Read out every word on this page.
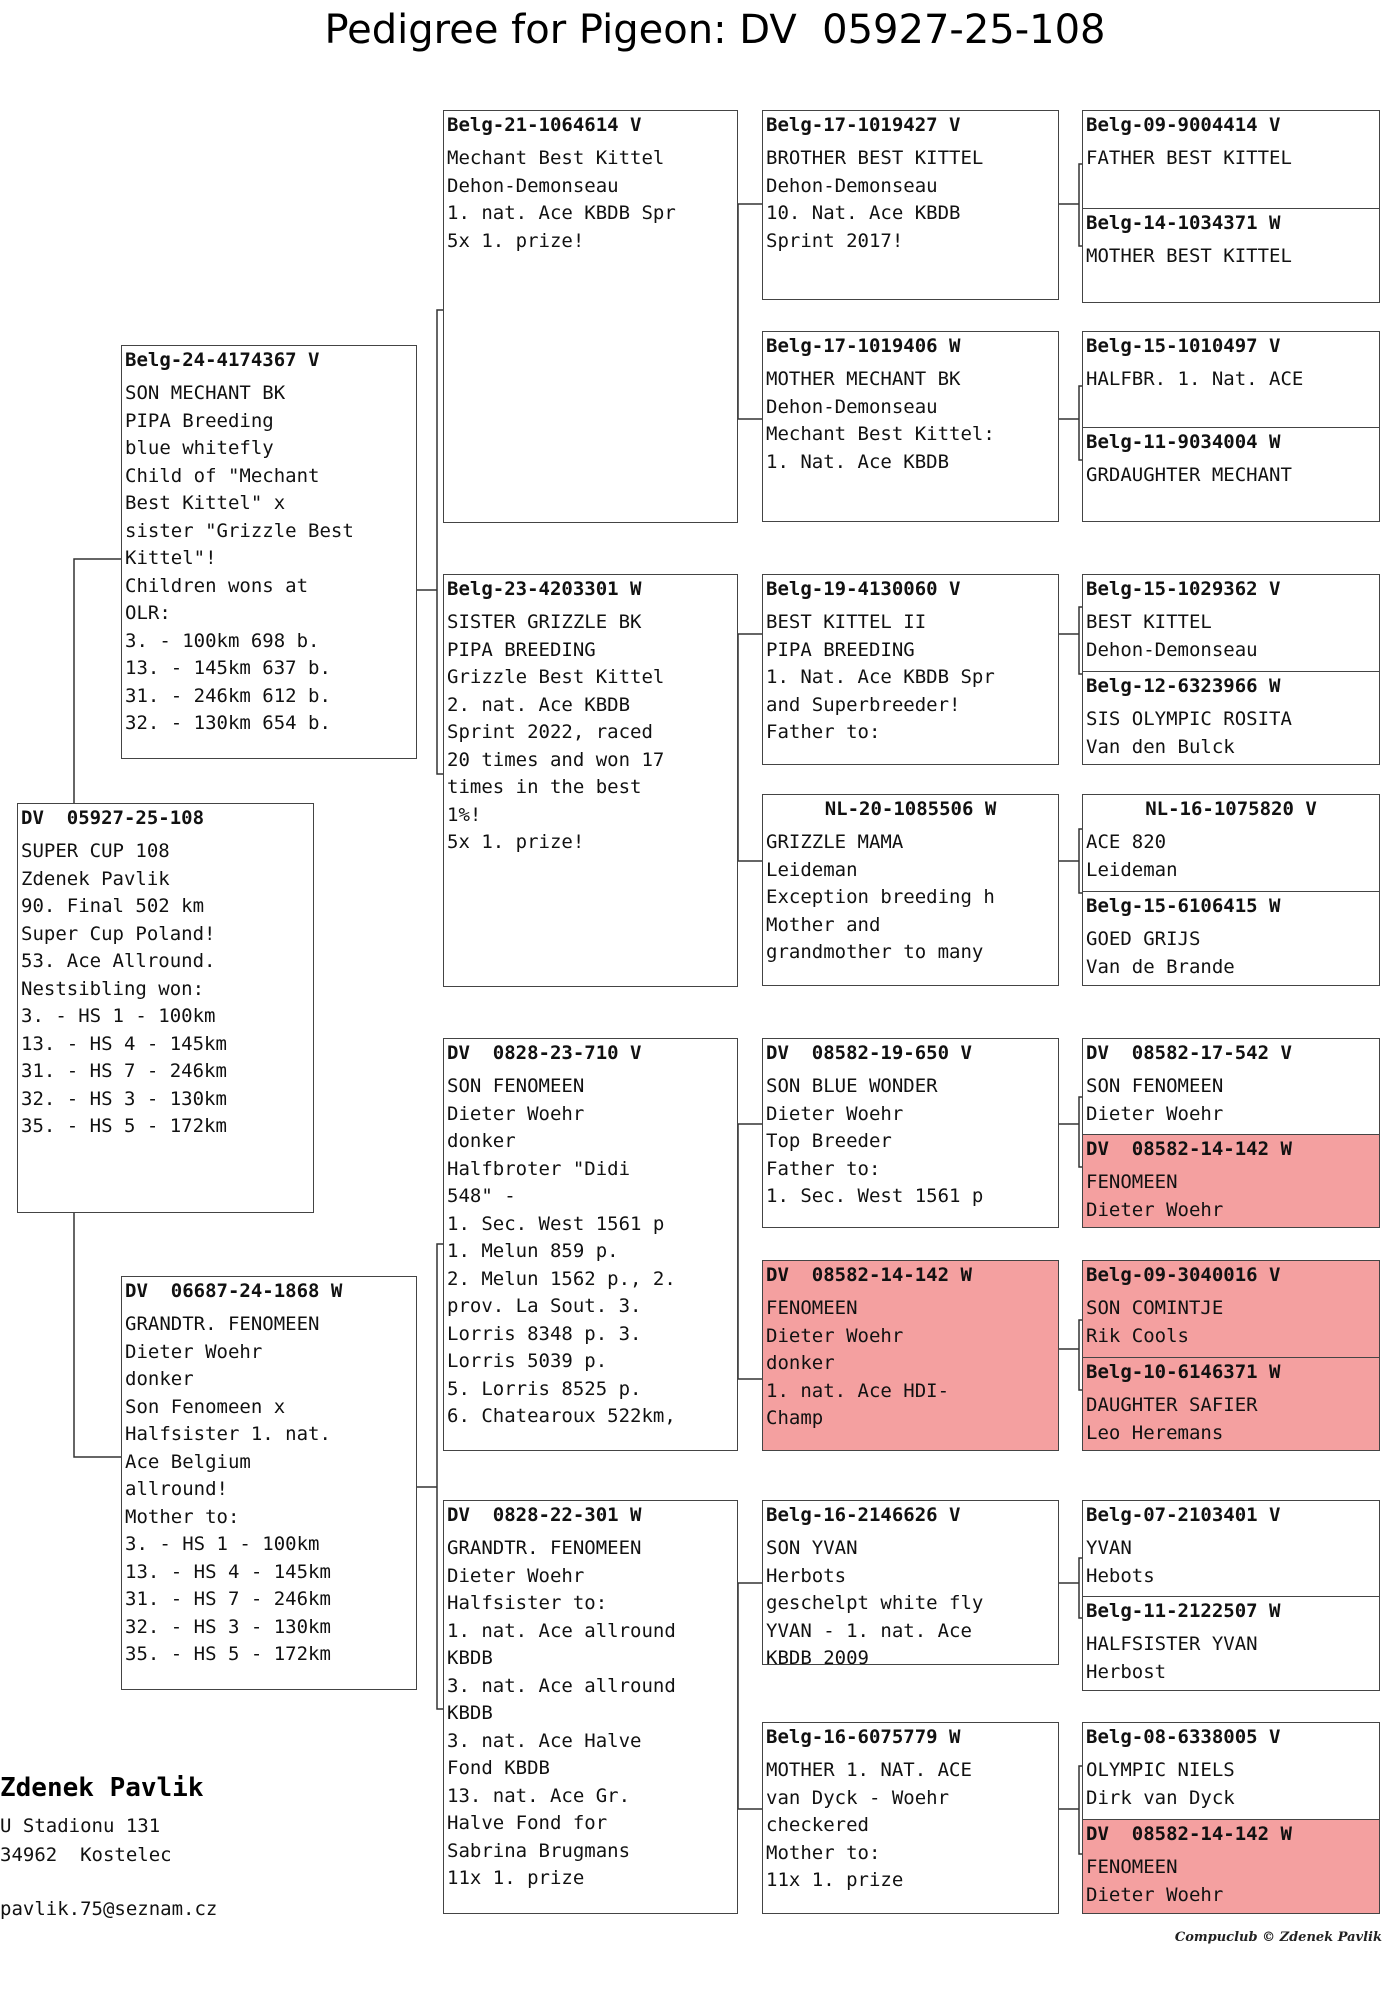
Pedigree for Pigeon: DV  05927-25-108
DV  05927-25-108
SUPER CUP 108
Zdenek Pavlik
90. Final 502 km
Super Cup Poland!
53. Ace Allround.
Nestsibling won:
3. - HS 1 - 100km
13. - HS 4 - 145km
31. - HS 7 - 246km
32. - HS 3 - 130km
35. - HS 5 - 172km
Belg-24-4174367 V
SON MECHANT BK
PIPA Breeding
blue whitefly
Child of "Mechant
Best Kittel" x
sister "Grizzle Best
Kittel"!
Children wons at
OLR:
3. - 100km 698 b.
13. - 145km 637 b.
31. - 246km 612 b.
32. - 130km 654 b.
DV  06687-24-1868 W
GRANDTR. FENOMEEN
Dieter Woehr
donker
Son Fenomeen x
Halfsister 1. nat.
Ace Belgium
allround!
Mother to:
3. - HS 1 - 100km
13. - HS 4 - 145km
31. - HS 7 - 246km
32. - HS 3 - 130km
35. - HS 5 - 172km
Belg-21-1064614 V
Mechant Best Kittel
Dehon-Demonseau
1. nat. Ace KBDB Spr
5x 1. prize!
Belg-23-4203301 W
SISTER GRIZZLE BK
PIPA BREEDING
Grizzle Best Kittel
2. nat. Ace KBDB
Sprint 2022, raced
20 times and won 17
times in the best
1%!
5x 1. prize!
DV  0828-23-710 V
SON FENOMEEN
Dieter Woehr
donker
Halfbroter "Didi
548" -
1. Sec. West 1561 p
1. Melun 859 p.
2. Melun 1562 p., 2.
prov. La Sout. 3.
Lorris 8348 p. 3.
Lorris 5039 p.
5. Lorris 8525 p.
6. Chatearoux 522km,
DV  0828-22-301 W
GRANDTR. FENOMEEN
Dieter Woehr
Halfsister to:
1. nat. Ace allround
KBDB
3. nat. Ace allround
KBDB
3. nat. Ace Halve
Fond KBDB
13. nat. Ace Gr.
Halve Fond for
Sabrina Brugmans
11x 1. prize
Belg-17-1019427 V
BROTHER BEST KITTEL
Dehon-Demonseau
10. Nat. Ace KBDB
Sprint 2017!
Belg-17-1019406 W
MOTHER MECHANT BK
Dehon-Demonseau
Mechant Best Kittel:
1. Nat. Ace KBDB
Belg-19-4130060 V
BEST KITTEL II
PIPA BREEDING
1. Nat. Ace KBDB Spr
and Superbreeder!
Father to:
NL-20-1085506 W
GRIZZLE MAMA
Leideman
Exception breeding h
Mother and
grandmother to many
DV  08582-19-650 V
SON BLUE WONDER
Dieter Woehr
Top Breeder
Father to:
1. Sec. West 1561 p
DV  08582-14-142 W
FENOMEEN
Dieter Woehr
donker
1. nat. Ace HDI-
Champ
Belg-16-2146626 V
SON YVAN
Herbots
geschelpt white fly
YVAN - 1. nat. Ace
KBDB 2009
Belg-16-6075779 W
MOTHER 1. NAT. ACE
van Dyck - Woehr
checkered
Mother to:
11x 1. prize
Belg-09-9004414 V
FATHER BEST KITTEL
Belg-14-1034371 W
MOTHER BEST KITTEL
Belg-15-1010497 V
HALFBR. 1. Nat. ACE
Belg-11-9034004 W
GRDAUGHTER MECHANT
Belg-15-1029362 V
BEST KITTEL
Dehon-Demonseau
Belg-12-6323966 W
SIS OLYMPIC ROSITA
Van den Bulck
NL-16-1075820 V
ACE 820
Leideman
Belg-15-6106415 W
GOED GRIJS
Van de Brande
DV  08582-17-542 V
SON FENOMEEN
Dieter Woehr
DV  08582-14-142 W
FENOMEEN
Dieter Woehr
Belg-09-3040016 V
SON COMINTJE
Rik Cools
Belg-10-6146371 W
DAUGHTER SAFIER
Leo Heremans
Belg-07-2103401 V
YVAN
Hebots
Belg-11-2122507 W
HALFSISTER YVAN
Herbost
Belg-08-6338005 V
OLYMPIC NIELS
Dirk van Dyck
DV  08582-14-142 W
FENOMEEN
Dieter Woehr
Zdenek Pavlik
U Stadionu 131
34962  Kostelec
pavlik.75@seznam.cz
Compuclub © Zdenek Pavlik
